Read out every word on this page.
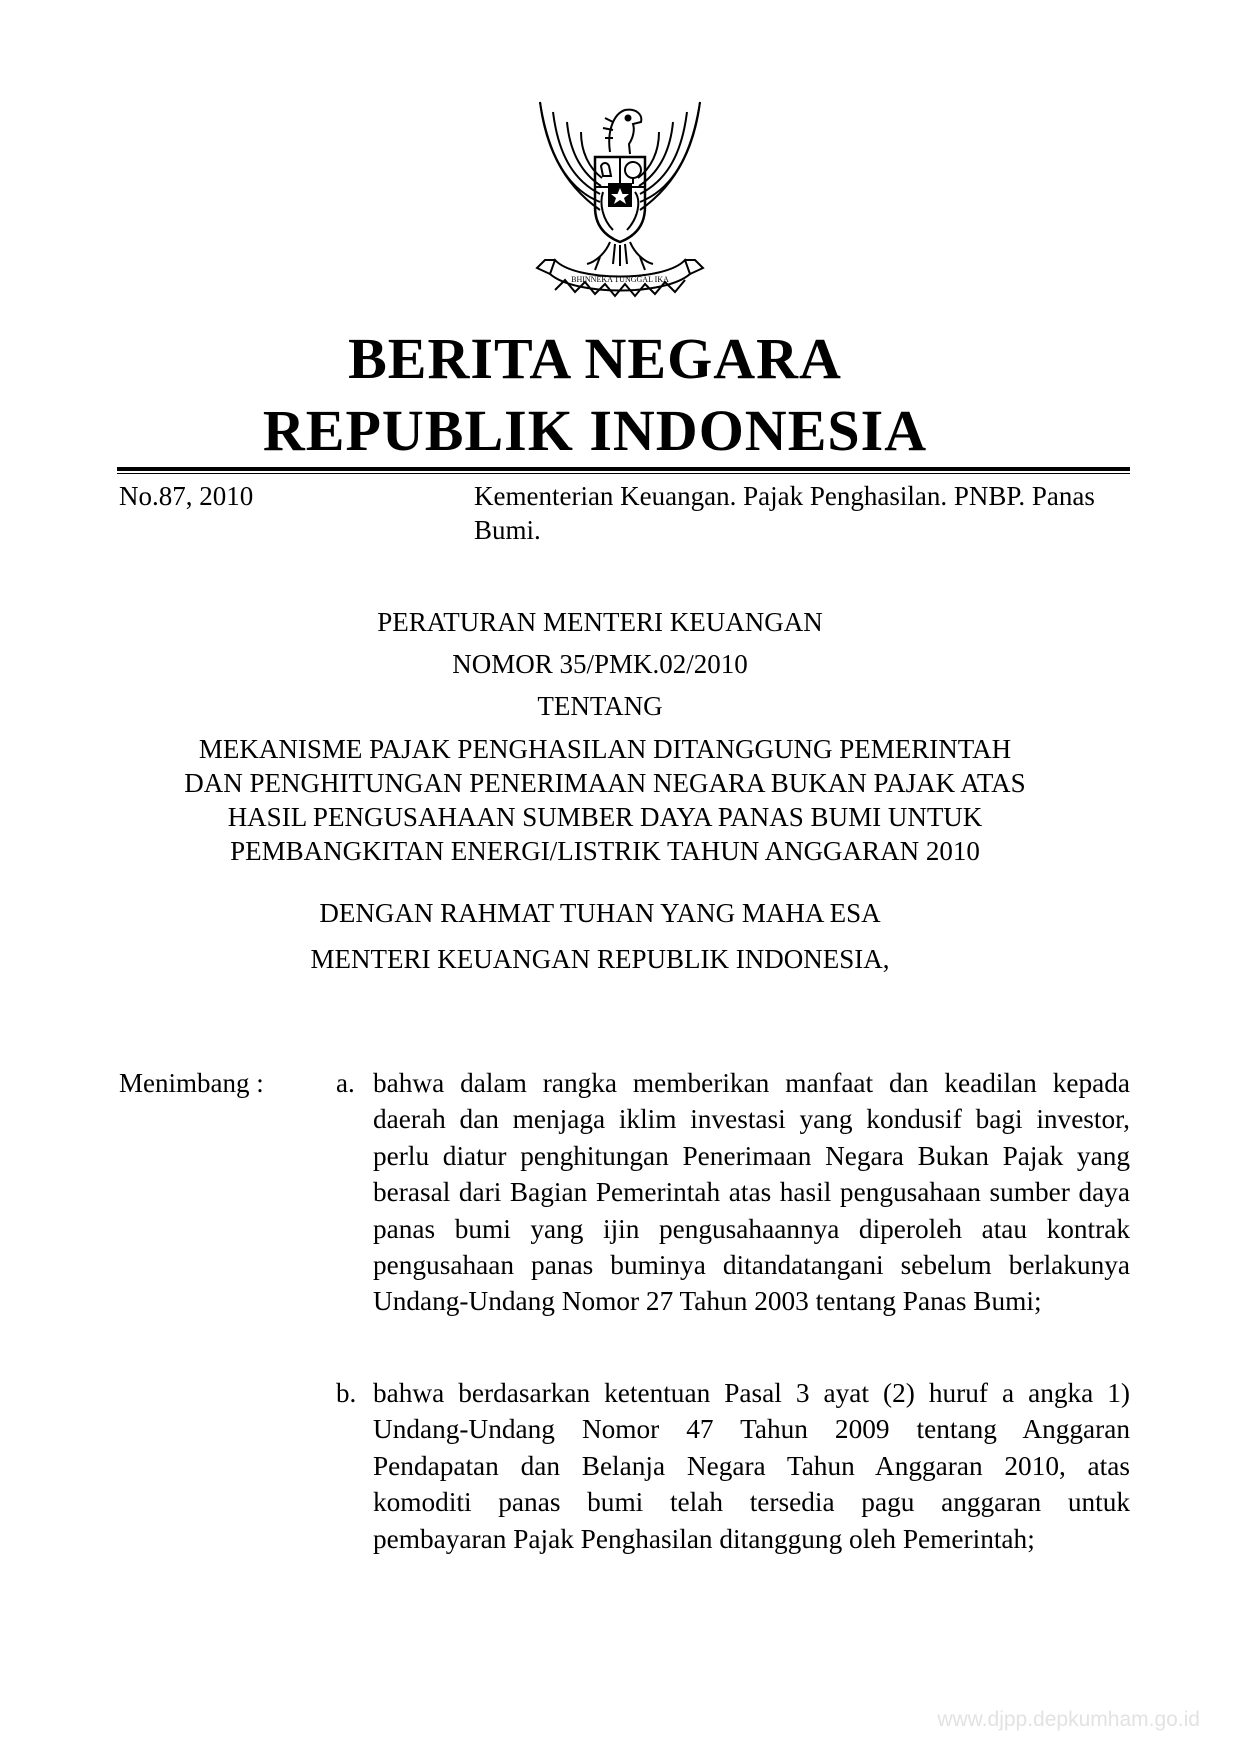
BHINNEKA TUNGGAL IKA
BERITA NEGARA
REPUBLIK INDONESIA
No.87, 2010	Kementerian Keuangan. Pajak Penghasilan. PNBP. Panas Bumi.
PERATURAN MENTERI KEUANGAN
NOMOR 35/PMK.02/2010
TENTANG
MEKANISME PAJAK PENGHASILAN DITANGGUNG PEMERINTAH
DAN PENGHITUNGAN PENERIMAAN NEGARA BUKAN PAJAK ATAS
HASIL PENGUSAHAAN SUMBER DAYA PANAS BUMI UNTUK
PEMBANGKITAN ENERGI/LISTRIK TAHUN ANGGARAN 2010
DENGAN RAHMAT TUHAN YANG MAHA ESA
MENTERI KEUANGAN REPUBLIK INDONESIA,
Menimbang :	a. bahwa dalam rangka memberikan manfaat dan keadilan kepada daerah dan menjaga iklim investasi yang kondusif bagi investor, perlu diatur penghitungan Penerimaan Negara Bukan Pajak yang berasal dari Bagian Pemerintah atas hasil pengusahaan sumber daya panas bumi yang ijin pengusahaannya diperoleh atau kontrak pengusahaan panas buminya ditandatangani sebelum berlakunya Undang-Undang Nomor 27 Tahun 2003 tentang Panas Bumi;
b. bahwa berdasarkan ketentuan Pasal 3 ayat (2) huruf a angka 1) Undang-Undang Nomor 47 Tahun 2009 tentang Anggaran Pendapatan dan Belanja Negara Tahun Anggaran 2010, atas komoditi panas bumi telah tersedia pagu anggaran untuk pembayaran Pajak Penghasilan ditanggung oleh Pemerintah;
www.djpp.depkumham.go.id
